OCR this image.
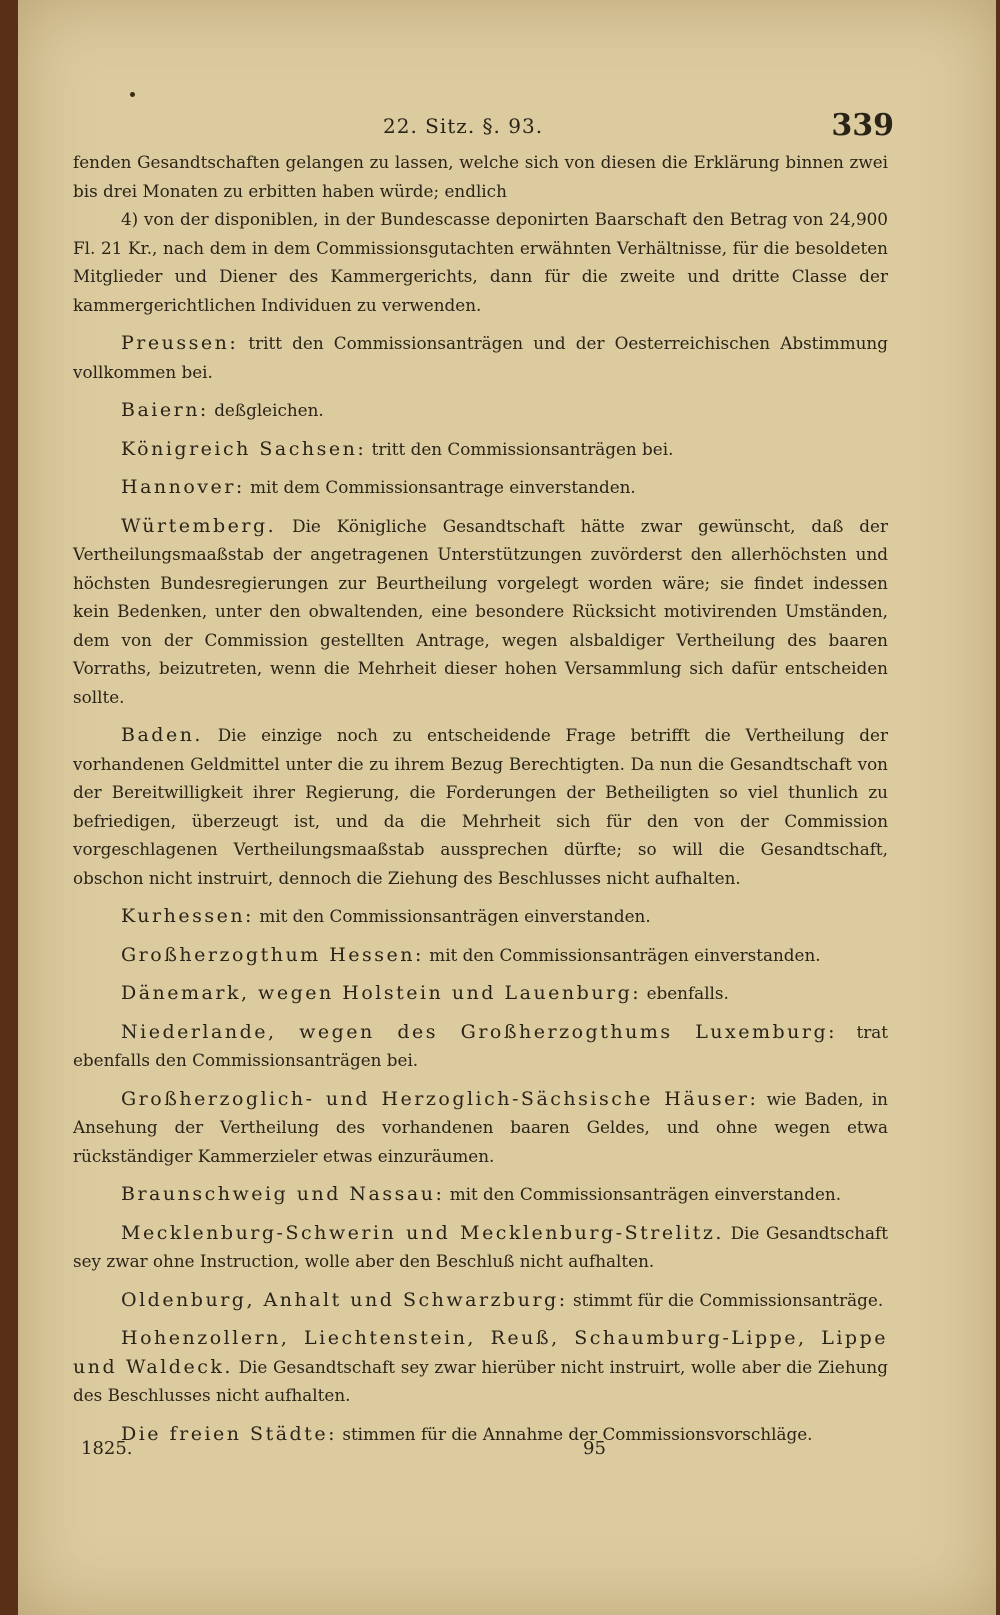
22. Sitz. §. 93.	339

fenden Gesandtschaften gelangen zu lassen, welche sich von diesen die Erklärung binnen zwei bis drei Monaten zu erbitten haben würde; endlich

4) von der disponiblen, in der Bundescasse deponirten Baarschaft den Betrag von 24,900 Fl. 21 Kr., nach dem in dem Commissionsgutachten erwähnten Verhältnisse, für die besoldeten Mitglieder und Diener des Kammergerichts, dann für die zweite und dritte Classe der kammergerichtlichen Individuen zu verwenden.

Preussen: tritt den Commissionsanträgen und der Oesterreichischen Abstimmung vollkommen bei.

Baiern: deßgleichen.

Königreich Sachsen: tritt den Commissionsanträgen bei.

Hannover: mit dem Commissionsantrage einverstanden.

Würtemberg. Die Königliche Gesandtschaft hätte zwar gewünscht, daß der Vertheilungsmaaßstab der angetragenen Unterstützungen zuvörderst den allerhöchsten und höchsten Bundesregierungen zur Beurtheilung vorgelegt worden wäre; sie findet indessen kein Bedenken, unter den obwaltenden, eine besondere Rücksicht motivirenden Umständen, dem von der Commission gestellten Antrage, wegen alsbaldiger Vertheilung des baaren Vorraths, beizutreten, wenn die Mehrheit dieser hohen Versammlung sich dafür entscheiden sollte.

Baden. Die einzige noch zu entscheidende Frage betrifft die Vertheilung der vorhandenen Geldmittel unter die zu ihrem Bezug Berechtigten. Da nun die Gesandtschaft von der Bereitwilligkeit ihrer Regierung, die Forderungen der Betheiligten so viel thunlich zu befriedigen, überzeugt ist, und da die Mehrheit sich für den von der Commission vorgeschlagenen Vertheilungsmaaßstab aussprechen dürfte; so will die Gesandtschaft, obschon nicht instruirt, dennoch die Ziehung des Beschlusses nicht aufhalten.

Kurhessen: mit den Commissionsanträgen einverstanden.

Großherzogthum Hessen: mit den Commissionsanträgen einverstanden.

Dänemark, wegen Holstein und Lauenburg: ebenfalls.

Niederlande, wegen des Großherzogthums Luxemburg: trat ebenfalls den Commissionsanträgen bei.

Großherzoglich- und Herzoglich-Sächsische Häuser: wie Baden, in Ansehung der Vertheilung des vorhandenen baaren Geldes, und ohne wegen etwa rückständiger Kammerzieler etwas einzuräumen.

Braunschweig und Nassau: mit den Commissionsanträgen einverstanden.

Mecklenburg-Schwerin und Mecklenburg-Strelitz. Die Gesandtschaft sey zwar ohne Instruction, wolle aber den Beschluß nicht aufhalten.

Oldenburg, Anhalt und Schwarzburg: stimmt für die Commissionsanträge.

Hohenzollern, Liechtenstein, Reuß, Schaumburg-Lippe, Lippe und Waldeck. Die Gesandtschaft sey zwar hierüber nicht instruirt, wolle aber die Ziehung des Beschlusses nicht aufhalten.

Die freien Städte: stimmen für die Annahme der Commissionsvorschläge.

1825.	95
